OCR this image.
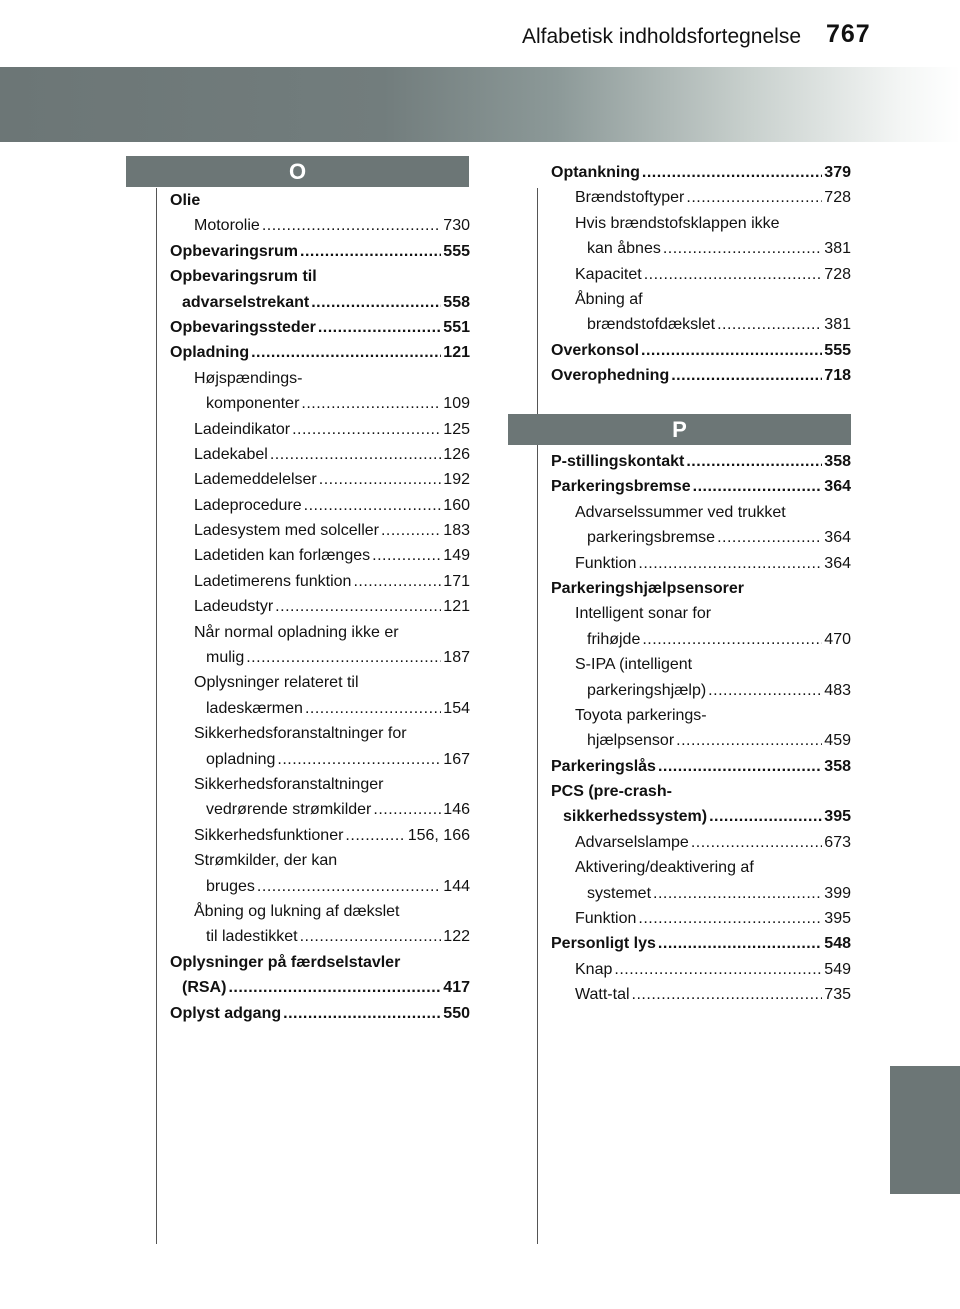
Alfabetisk indholdsfortegnelse 767
O
P
Olie
Motorolie .....	730
Opbevaringsrum .....	555
Opbevaringsrum til
advarselstrekant .....	558
Opbevaringssteder .....	551
Opladning .....	121
Højspændings-
komponenter .....	109
Ladeindikator .....	125
Ladekabel .....	126
Lademeddelelser .....	192
Ladeprocedure .....	160
Ladesystem med solceller .....	183
Ladetiden kan forlænges .....	149
Ladetimerens funktion .....	171
Ladeudstyr .....	121
Når normal opladning ikke er
mulig .....	187
Oplysninger relateret til
ladeskærmen .....	154
Sikkerhedsforanstaltninger for
opladning .....	167
Sikkerhedsforanstaltninger
vedrørende strømkilder .....	146
Sikkerhedsfunktioner .....	156, 166
Strømkilder, der kan
bruges .....	144
Åbning og lukning af dækslet
til ladestikket .....	122
Oplysninger på færdselstavler
(RSA) .....	417
Oplyst adgang .....	550
Optankning .....	379
Brændstoftyper .....	728
Hvis brændstofsklappen ikke
kan åbnes .....	381
Kapacitet .....	728
Åbning af
brændstofdækslet .....	381
Overkonsol .....	555
Overophedning .....	718
P-stillingskontakt .....	358
Parkeringsbremse .....	364
Advarselssummer ved trukket
parkeringsbremse .....	364
Funktion .....	364
Parkeringshjælpsensorer
Intelligent sonar for
frihøjde .....	470
S-IPA (intelligent
parkeringshjælp) .....	483
Toyota parkerings-
hjælpsensor .....	459
Parkeringslås .....	358
PCS (pre-crash-
sikkerhedssystem) .....	395
Advarselslampe .....	673
Aktivering/deaktivering af
systemet .....	399
Funktion .....	395
Personligt lys .....	548
Knap .....	549
Watt-tal .....	735
